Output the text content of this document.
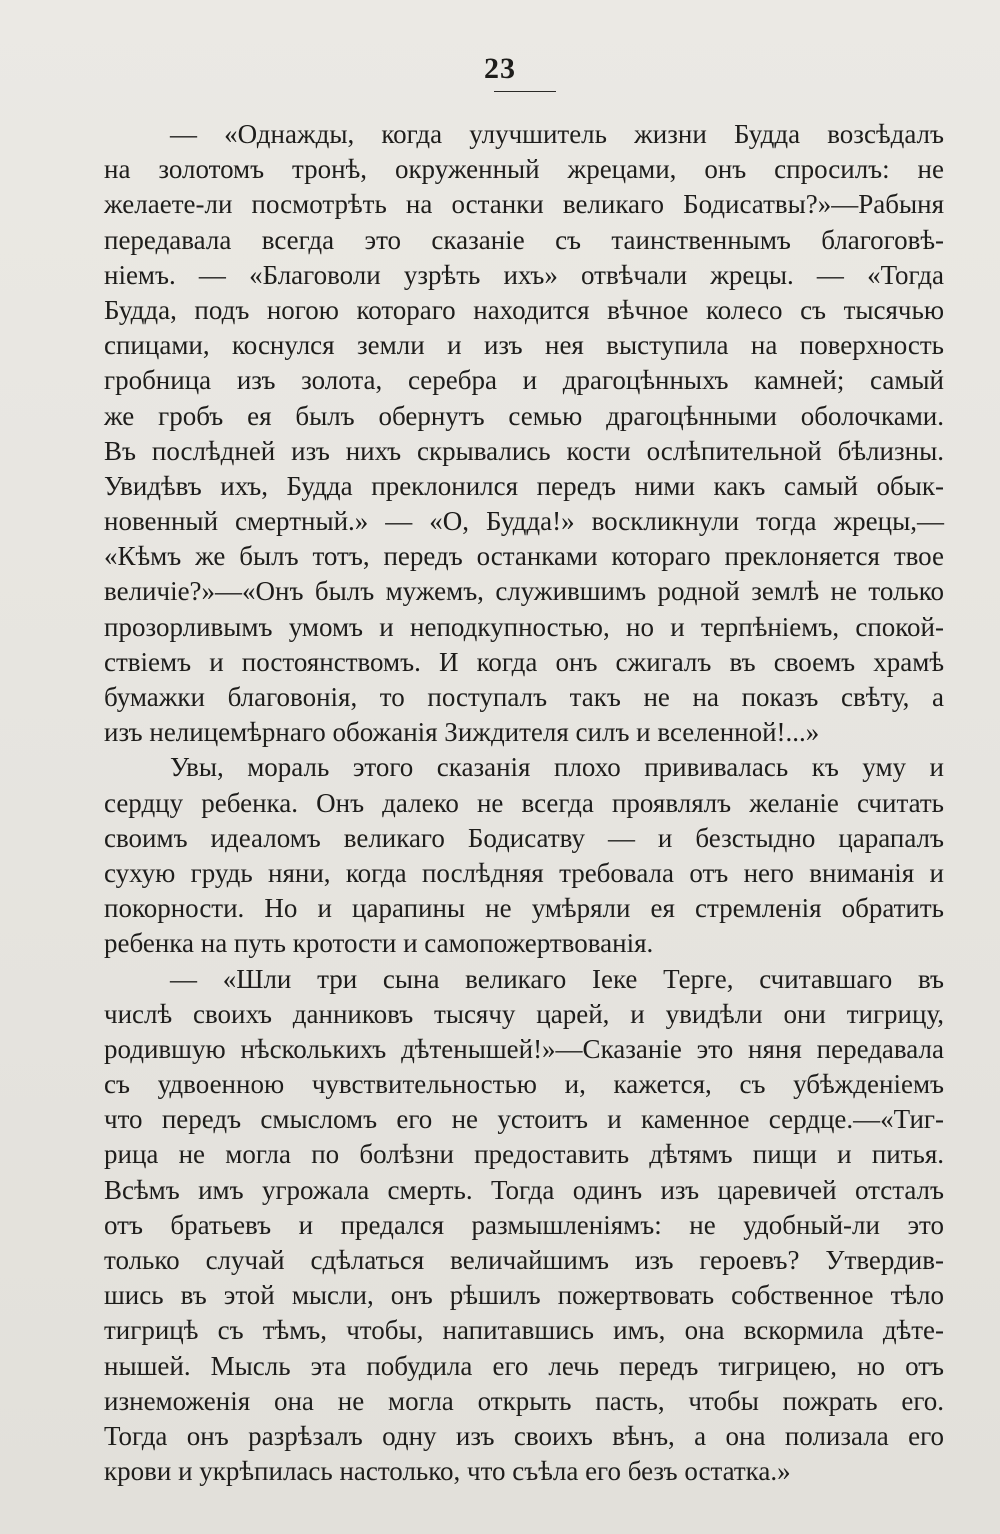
23
— «Однажды, когда улучшитель жизни Будда возсѣдалъ
на золотомъ тронѣ, окруженный жрецами, онъ спросилъ: не
желаете-ли посмотрѣть на останки великаго Бодисатвы?»—Рабыня
передавала всегда это сказаніе съ таинственнымъ благоговѣ-
ніемъ. — «Благоволи узрѣть ихъ» отвѣчали жрецы. — «Тогда
Будда, подъ ногою котораго находится вѣчное колесо съ тысячью
спицами, коснулся земли и изъ нея выступила на поверхность
гробница изъ золота, серебра и драгоцѣнныхъ камней; самый
же гробъ ея былъ обернутъ семью драгоцѣнными оболочками.
Въ послѣдней изъ нихъ скрывались кости ослѣпительной бѣлизны.
Увидѣвъ ихъ, Будда преклонился передъ ними какъ самый обык-
новенный смертный.» — «О, Будда!» воскликнули тогда жрецы,—
«Кѣмъ же былъ тотъ, передъ останками котораго преклоняется твое
величіе?»—«Онъ былъ мужемъ, служившимъ родной землѣ не только
прозорливымъ умомъ и неподкупностью, но и терпѣніемъ, спокой-
ствіемъ и постоянствомъ. И когда онъ сжигалъ въ своемъ храмѣ
бумажки благовонія, то поступалъ такъ не на показъ свѣту, а
изъ нелицемѣрнаго обожанія Зиждителя силъ и вселенной!...»
Увы, мораль этого сказанія плохо прививалась къ уму и
сердцу ребенка. Онъ далеко не всегда проявлялъ желаніе считать
своимъ идеаломъ великаго Бодисатву — и безстыдно царапалъ
сухую грудь няни, когда послѣдняя требовала отъ него вниманія и
покорности. Но и царапины не умѣряли ея стремленія обратить
ребенка на путь кротости и самопожертвованія.
— «Шли три сына великаго Іеке Терге, считавшаго въ
числѣ своихъ данниковъ тысячу царей, и увидѣли они тигрицу,
родившую нѣсколькихъ дѣтенышей!»—Сказаніе это няня передавала
съ удвоенною чувствительностью и, кажется, съ убѣжденіемъ
что передъ смысломъ его не устоитъ и каменное сердце.—«Тиг-
рица не могла по болѣзни предоставить дѣтямъ пищи и питья.
Всѣмъ имъ угрожала смерть. Тогда одинъ изъ царевичей отсталъ
отъ братьевъ и предался размышленіямъ: не удобный-ли это
только случай сдѣлаться величайшимъ изъ героевъ? Утвердив-
шись въ этой мысли, онъ рѣшилъ пожертвовать собственное тѣло
тигрицѣ съ тѣмъ, чтобы, напитавшись имъ, она вскормила дѣте-
нышей. Мысль эта побудила его лечь передъ тигрицею, но отъ
изнеможенія она не могла открыть пасть, чтобы пожрать его.
Тогда онъ разрѣзалъ одну изъ своихъ вѣнъ, а она полизала его
крови и укрѣпилась настолько, что съѣла его безъ остатка.»
